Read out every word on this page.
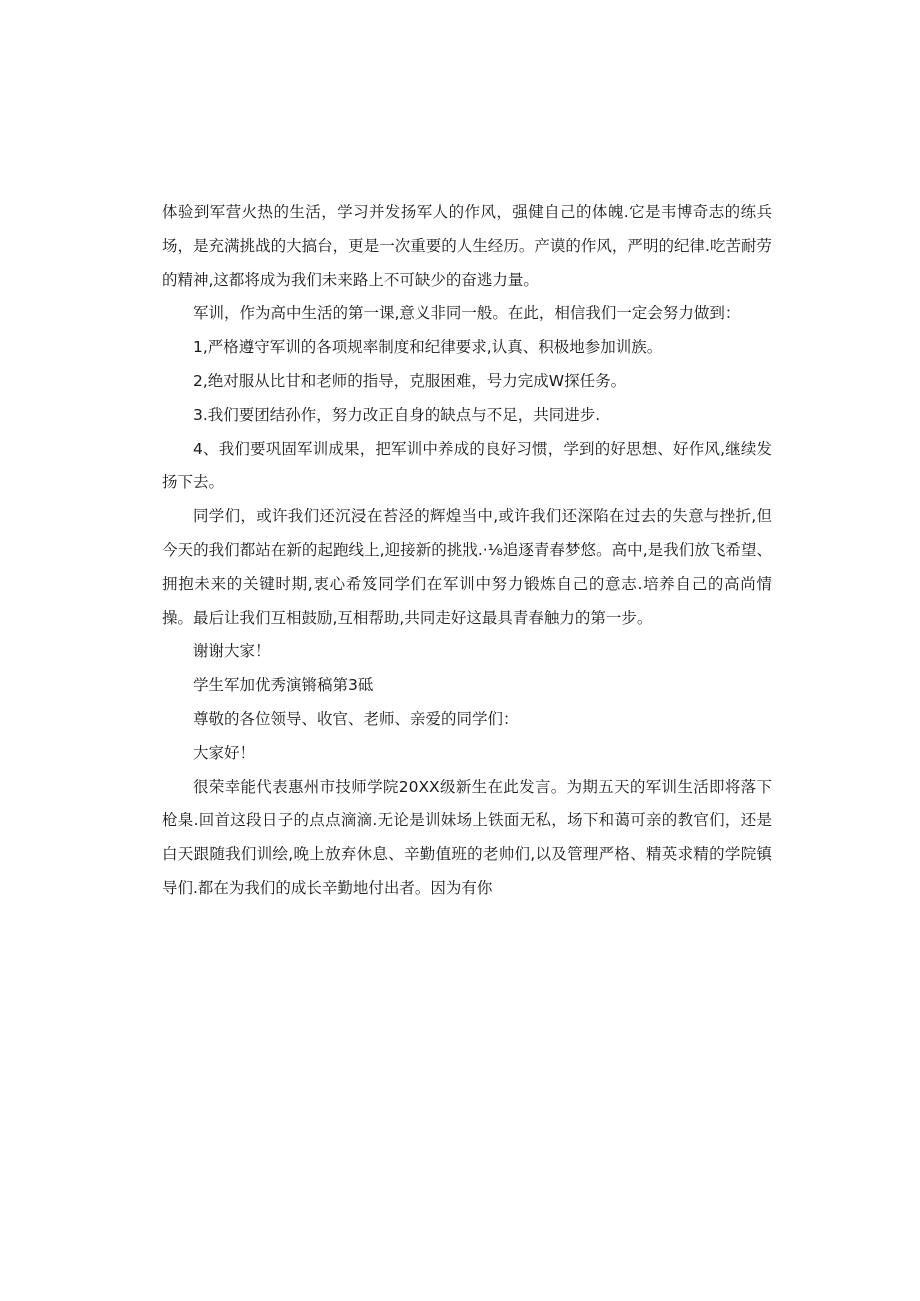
体验到军营火热的生活，学习并发扬军人的作风，强健自己的体魄.它是韦博奇志的练兵场，是充满挑战的大搞台，更是一次重要的人生经历。产谟的作风，严明的纪律.吃苦耐劳的精神,这都将成为我们未来路上不可缺少的奋逃力量。

军训，作为高中生活的第一课,意义非同一般。在此，相信我们一定会努力做到：

1,严格遵守军训的各项规率制度和纪律要求,认真、积极地参加训族。

2,绝对服从比甘和老师的指导，克服困难，号力完成W探任务。

3.我们要团结孙作，努力改正自身的缺点与不足，共同进步.

4、我们要巩固军训成果，把军训中养成的良好习惯，学到的好思想、好作风,继续发扬下去。

同学们，或许我们还沉浸在苔泾的辉煌当中,或许我们还深陷在过去的失意与挫折,但今天的我们都站在新的起跑线上,迎接新的挑戕.·⅛追逐青春梦悠。高中,是我们放飞希望、拥抱未来的关键时期,衷心希笈同学们在军训中努力锻炼自己的意志.培养自己的高尚情操。最后让我们互相鼓励,互相帮助,共同走好这最具青春触力的第一步。

谢谢大家！

学生军加优秀演锵稿第3砥

尊敬的各位领导、收官、老师、亲爱的同学们：

大家好！

很荣幸能代表惠州市技师学院20XX级新生在此发言。为期五天的军训生活即将落下枪臬.回首这段日子的点点滴滴.无论是训妹场上铁面无私，场下和蔼可亲的教官们，还是白天跟随我们训绘,晚上放弃休息、辛勤值班的老帅们,以及管理严格、精英求精的学院镇导们.都在为我们的成长辛勤地付出者。因为有你
